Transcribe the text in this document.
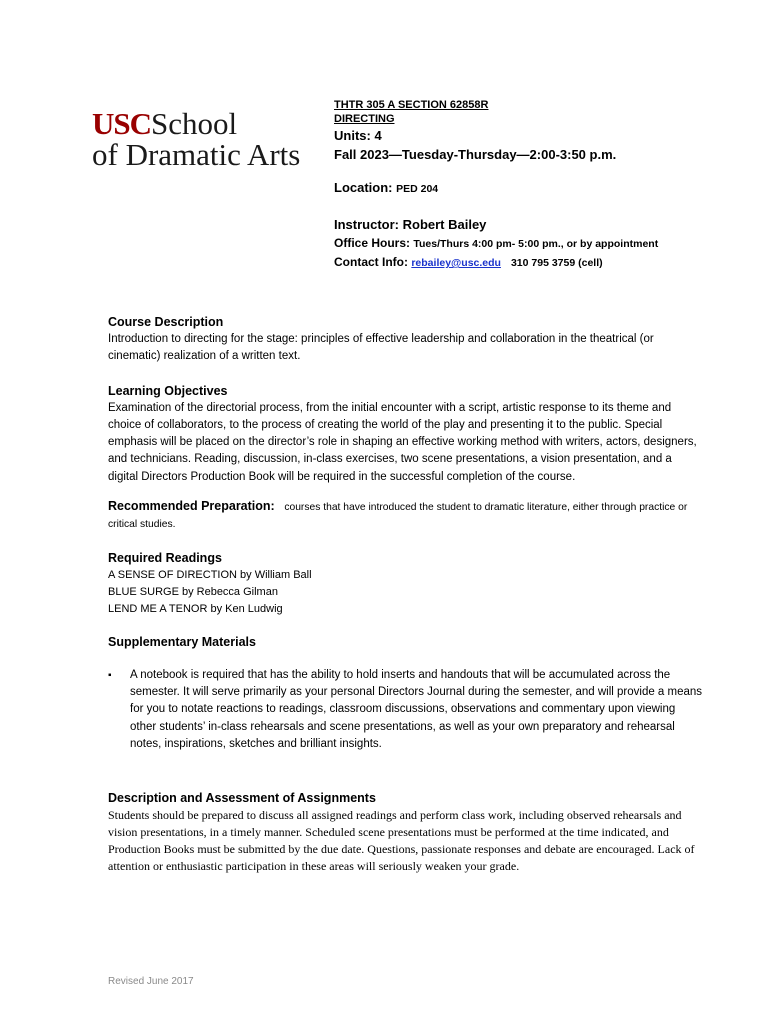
USCSchool
of Dramatic Arts
THTR 305 A SECTION 62858R
DIRECTING
Units: 4
Fall 2023—Tuesday-Thursday—2:00-3:50 p.m.
Location: PED 204
Instructor: Robert Bailey
Office Hours: Tues/Thurs 4:00 pm- 5:00 pm., or by appointment
Contact Info: rebailey@usc.edu 310 795 3759 (cell)
Course Description
Introduction to directing for the stage: principles of effective leadership and collaboration in the theatrical (or cinematic) realization of a written text.
Learning Objectives
Examination of the directorial process, from the initial encounter with a script, artistic response to its theme and choice of collaborators, to the process of creating the world of the play and presenting it to the public. Special emphasis will be placed on the director’s role in shaping an effective working method with writers, actors, designers, and technicians. Reading, discussion, in-class exercises, two scene presentations, a vision presentation, and a digital Directors Production Book will be required in the successful completion of the course.
Recommended Preparation: courses that have introduced the student to dramatic literature, either through practice or critical studies.
Required Readings
A SENSE OF DIRECTION by William Ball
BLUE SURGE by Rebecca Gilman
LEND ME A TENOR by Ken Ludwig
Supplementary Materials
▪ A notebook is required that has the ability to hold inserts and handouts that will be accumulated across the semester. It will serve primarily as your personal Directors Journal during the semester, and will provide a means for you to notate reactions to readings, classroom discussions, observations and commentary upon viewing other students’ in-class rehearsals and scene presentations, as well as your own preparatory and rehearsal notes, inspirations, sketches and brilliant insights.
Description and Assessment of Assignments
Students should be prepared to discuss all assigned readings and perform class work, including observed rehearsals and vision presentations, in a timely manner. Scheduled scene presentations must be performed at the time indicated, and Production Books must be submitted by the due date. Questions, passionate responses and debate are encouraged. Lack of attention or enthusiastic participation in these areas will seriously weaken your grade.
Revised June 2017
